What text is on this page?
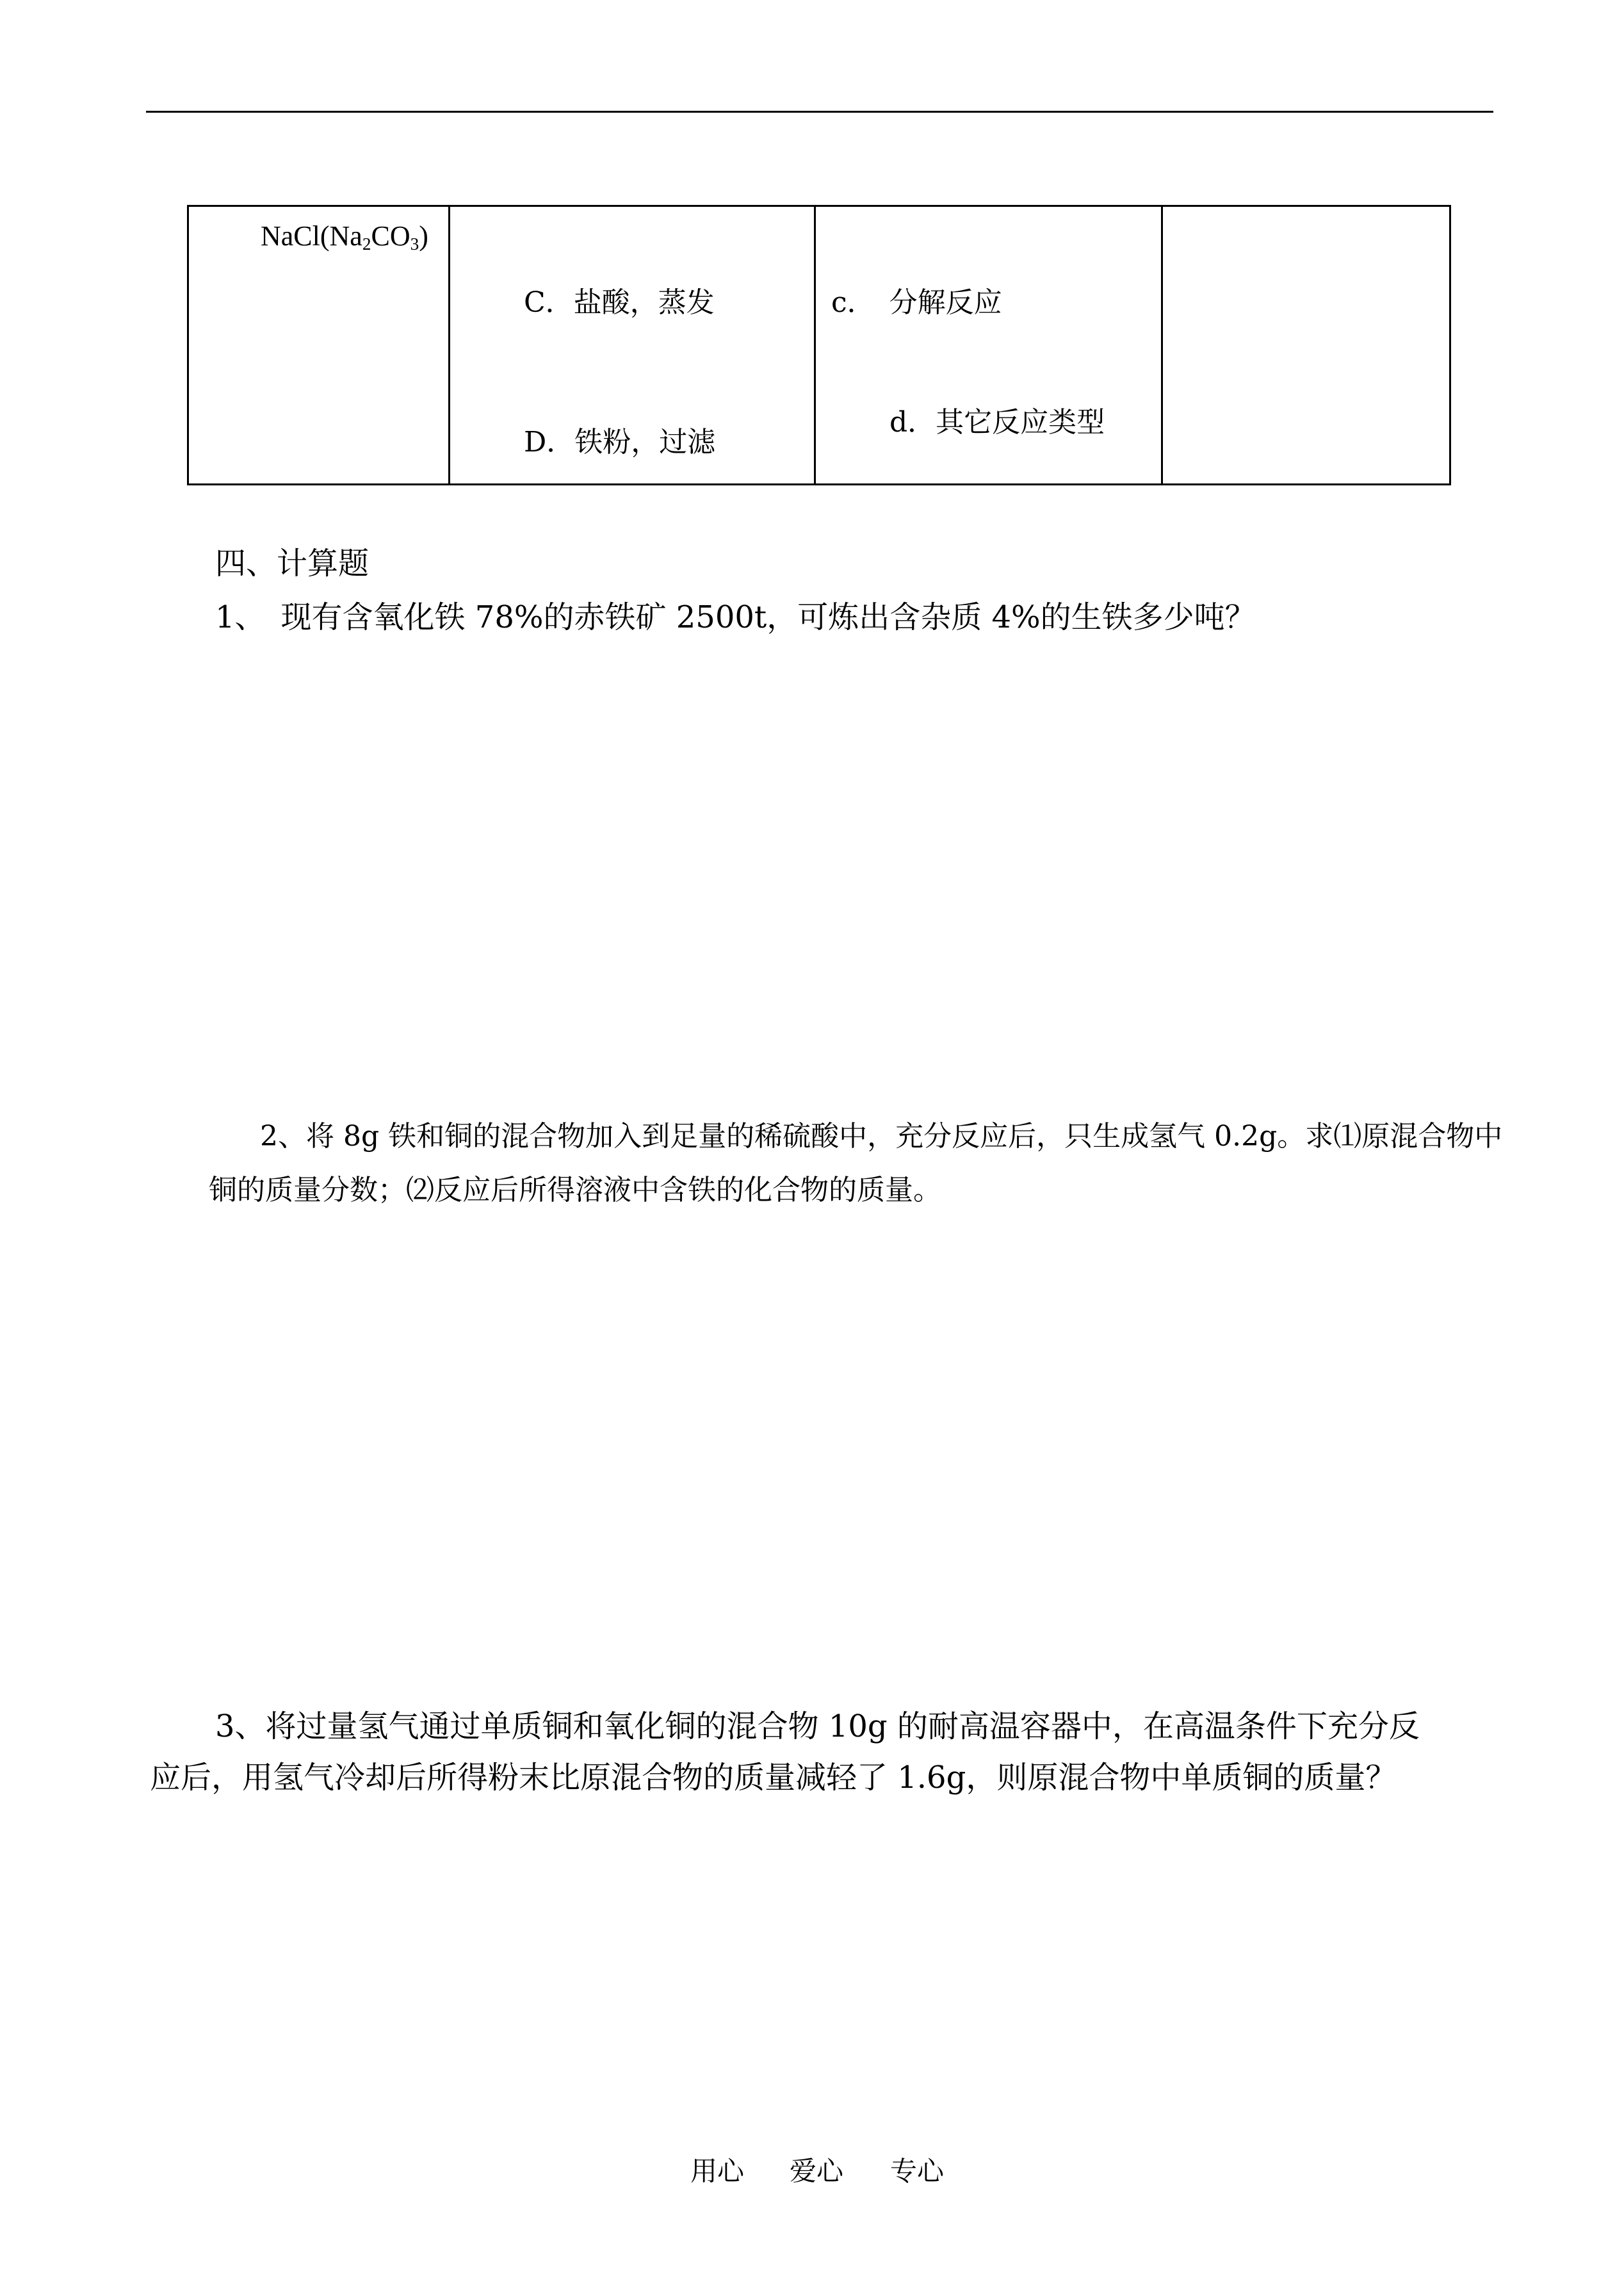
$NaCl(Na_2CO_3)$
C．盐酸，蒸发
D．铁粉，过滤
c．　分解反应
d．其它反应类型
四、计算题
1、　现有含氧化铁 78%的赤铁矿 2500t，可炼出含杂质 4%的生铁多少吨？
2、将 8g 铁和铜的混合物加入到足量的稀硫酸中，充分反应后，只生成氢气 0.2g。求⑴原混合物中
铜的质量分数；⑵反应后所得溶液中含铁的化合物的质量。
3、将过量氢气通过单质铜和氧化铜的混合物 10g 的耐高温容器中，在高温条件下充分反
应后，用氢气冷却后所得粉末比原混合物的质量减轻了 1.6g，则原混合物中单质铜的质量？
用心 爱心 专心
